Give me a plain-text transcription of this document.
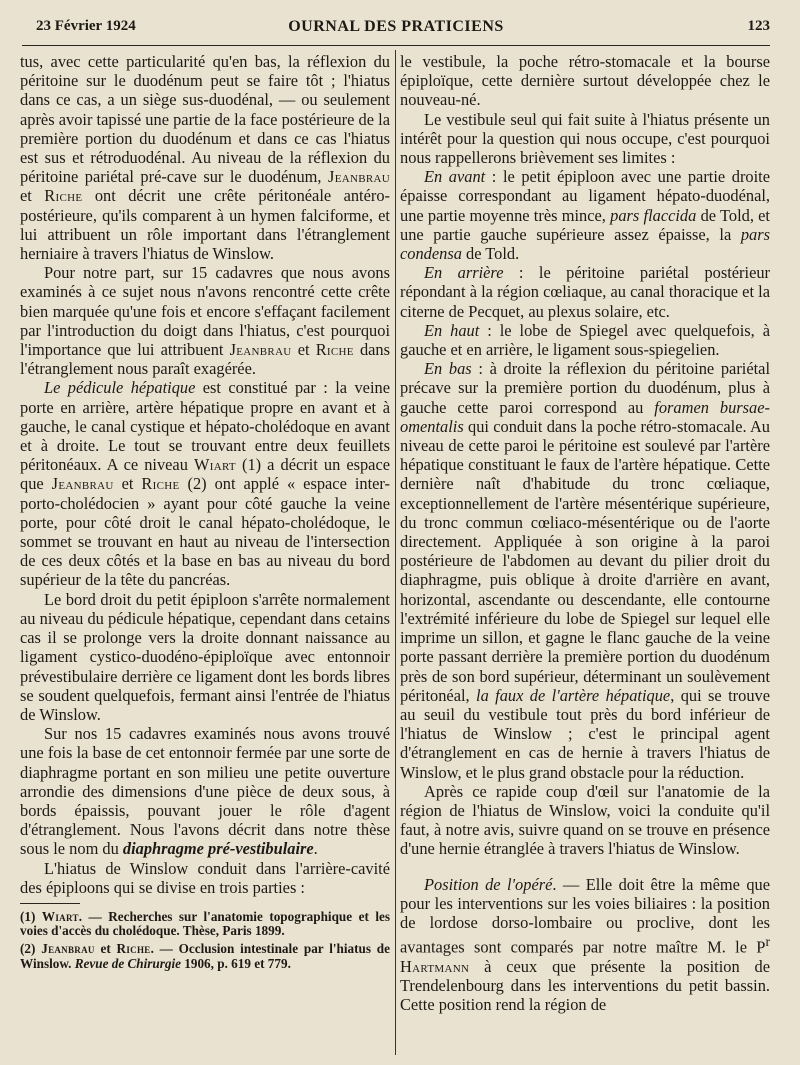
23 Février 1924	OURNAL DES PRATICIENS	123

tus, avec cette particularité qu'en bas, la réflexion du péritoine sur le duodénum peut se faire tôt ; l'hiatus dans ce cas, a un siège sus-duodénal, — ou seulement après avoir tapissé une partie de la face postérieure de la première portion du duodénum et dans ce cas l'hiatus est sus et rétroduodénal. Au niveau de la réflexion du péritoine pariétal pré-cave sur le duodénum, Jeanbrau et Riche ont décrit une crête péritonéale antéro-postérieure, qu'ils comparent à un hymen falciforme, et lui attribuent un rôle important dans l'étranglement herniaire à travers l'hiatus de Winslow.

Pour notre part, sur 15 cadavres que nous avons examinés à ce sujet nous n'avons rencontré cette crête bien marquée qu'une fois et encore s'effaçant facilement par l'introduction du doigt dans l'hiatus, c'est pourquoi l'importance que lui attribuent Jeanbrau et Riche dans l'étranglement nous paraît exagérée.

Le pédicule hépatique est constitué par : la veine porte en arrière, artère hépatique propre en avant et à gauche, le canal cystique et hépato-cholédoque en avant et à droite. Le tout se trouvant entre deux feuillets péritonéaux. A ce niveau Wiart (1) a décrit un espace que Jeanbrau et Riche (2) ont applé « espace inter-porto-cholédocien » ayant pour côté gauche la veine porte, pour côté droit le canal hépato-cholédoque, le sommet se trouvant en haut au niveau de l'intersection de ces deux côtés et la base en bas au niveau du bord supérieur de la tête du pancréas.

Le bord droit du petit épiploon s'arrête normalement au niveau du pédicule hépatique, cependant dans cetains cas il se prolonge vers la droite donnant naissance au ligament cystico-duodéno-épiploïque avec entonnoir prévestibulaire derrière ce ligament dont les bords libres se soudent quelquefois, fermant ainsi l'entrée de l'hiatus de Winslow.

Sur nos 15 cadavres examinés nous avons trouvé une fois la base de cet entonnoir fermée par une sorte de diaphragme portant en son milieu une petite ouverture arrondie des dimensions d'une pièce de deux sous, à bords épaissis, pouvant jouer le rôle d'agent d'étranglement. Nous l'avons décrit dans notre thèse sous le nom du diaphragme pré-vestibulaire.

L'hiatus de Winslow conduit dans l'arrière-cavité des épiploons qui se divise en trois parties :

(1) Wiart. — Recherches sur l'anatomie topographique et les voies d'accès du cholédoque. Thèse, Paris 1899.

(2) Jeanbrau et Riche. — Occlusion intestinale par l'hiatus de Winslow. Revue de Chirurgie 1906, p. 619 et 779.

le vestibule, la poche rétro-stomacale et la bourse épiploïque, cette dernière surtout développée chez le nouveau-né.

Le vestibule seul qui fait suite à l'hiatus présente un intérêt pour la question qui nous occupe, c'est pourquoi nous rappellerons brièvement ses limites :

En avant : le petit épiploon avec une partie droite épaisse correspondant au ligament hépato-duodénal, une partie moyenne très mince, pars flaccida de Told, et une partie gauche supérieure assez épaisse, la pars condensa de Told.

En arrière : le péritoine pariétal postérieur répondant à la région cœliaque, au canal thoracique et la citerne de Pecquet, au plexus solaire, etc.

En haut : le lobe de Spiegel avec quelquefois, à gauche et en arrière, le ligament sous-spiegelien.

En bas : à droite la réflexion du péritoine pariétal précave sur la première portion du duodénum, plus à gauche cette paroi correspond au foramen bursae-omentalis qui conduit dans la poche rétro-stomacale. Au niveau de cette paroi le péritoine est soulevé par l'artère hépatique constituant le faux de l'artère hépatique. Cette dernière naît d'habitude du tronc cœliaque, exceptionnellement de l'artère mésentérique supérieure, du tronc commun cœliaco-mésentérique ou de l'aorte directement. Appliquée à son origine à la paroi postérieure de l'abdomen au devant du pilier droit du diaphragme, puis oblique à droite d'arrière en avant, horizontal, ascendante ou descendante, elle contourne l'extrémité inférieure du lobe de Spiegel sur lequel elle imprime un sillon, et gagne le flanc gauche de la veine porte passant derrière la première portion du duodénum près de son bord supérieur, déterminant un soulèvement péritonéal, la faux de l'artère hépatique, qui se trouve au seuil du vestibule tout près du bord inférieur de l'hiatus de Winslow ; c'est le principal agent d'étranglement en cas de hernie à travers l'hiatus de Winslow, et le plus grand obstacle pour la réduction.

Après ce rapide coup d'œil sur l'anatomie de la région de l'hiatus de Winslow, voici la conduite qu'il faut, à notre avis, suivre quand on se trouve en présence d'une hernie étranglée à travers l'hiatus de Winslow.

Position de l'opéré. — Elle doit être la même que pour les interventions sur les voies biliaires : la position de lordose dorso-lombaire ou proclive, dont les avantages sont comparés par notre maître M. le $P^r$ Hartmann à ceux que présente la position de Trendelenbourg dans les interventions du petit bassin. Cette position rend la région de
